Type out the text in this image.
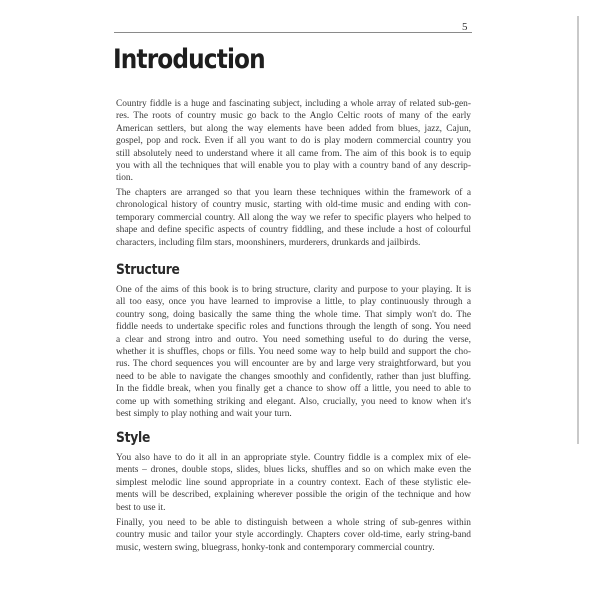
5
Introduction

Country fiddle is a huge and fascinating subject, including a whole array of related sub-gen-
res. The roots of country music go back to the Anglo Celtic roots of many of the early
American settlers, but along the way elements have been added from blues, jazz, Cajun,
gospel, pop and rock. Even if all you want to do is play modern commercial country you
still absolutely need to understand where it all came from. The aim of this book is to equip
you with all the techniques that will enable you to play with a country band of any descrip-
tion.

The chapters are arranged so that you learn these techniques within the framework of a
chronological history of country music, starting with old-time music and ending with con-
temporary commercial country. All along the way we refer to specific players who helped to
shape and define specific aspects of country fiddling, and these include a host of colourful
characters, including film stars, moonshiners, murderers, drunkards and jailbirds.

Structure

One of the aims of this book is to bring structure, clarity and purpose to your playing. It is
all too easy, once you have learned to improvise a little, to play continuously through a
country song, doing basically the same thing the whole time. That simply won't do. The
fiddle needs to undertake specific roles and functions through the length of song. You need
a clear and strong intro and outro. You need something useful to do during the verse,
whether it is shuffles, chops or fills. You need some way to help build and support the cho-
rus. The chord sequences you will encounter are by and large very straightforward, but you
need to be able to navigate the changes smoothly and confidently, rather than just bluffing.
In the fiddle break, when you finally get a chance to show off a little, you need to able to
come up with something striking and elegant. Also, crucially, you need to know when it's
best simply to play nothing and wait your turn.

Style

You also have to do it all in an appropriate style. Country fiddle is a complex mix of ele-
ments – drones, double stops, slides, blues licks, shuffles and so on which make even the
simplest melodic line sound appropriate in a country context. Each of these stylistic ele-
ments will be described, explaining wherever possible the origin of the technique and how
best to use it.

Finally, you need to be able to distinguish between a whole string of sub-genres within
country music and tailor your style accordingly. Chapters cover old-time, early string-band
music, western swing, bluegrass, honky-tonk and contemporary commercial country.
